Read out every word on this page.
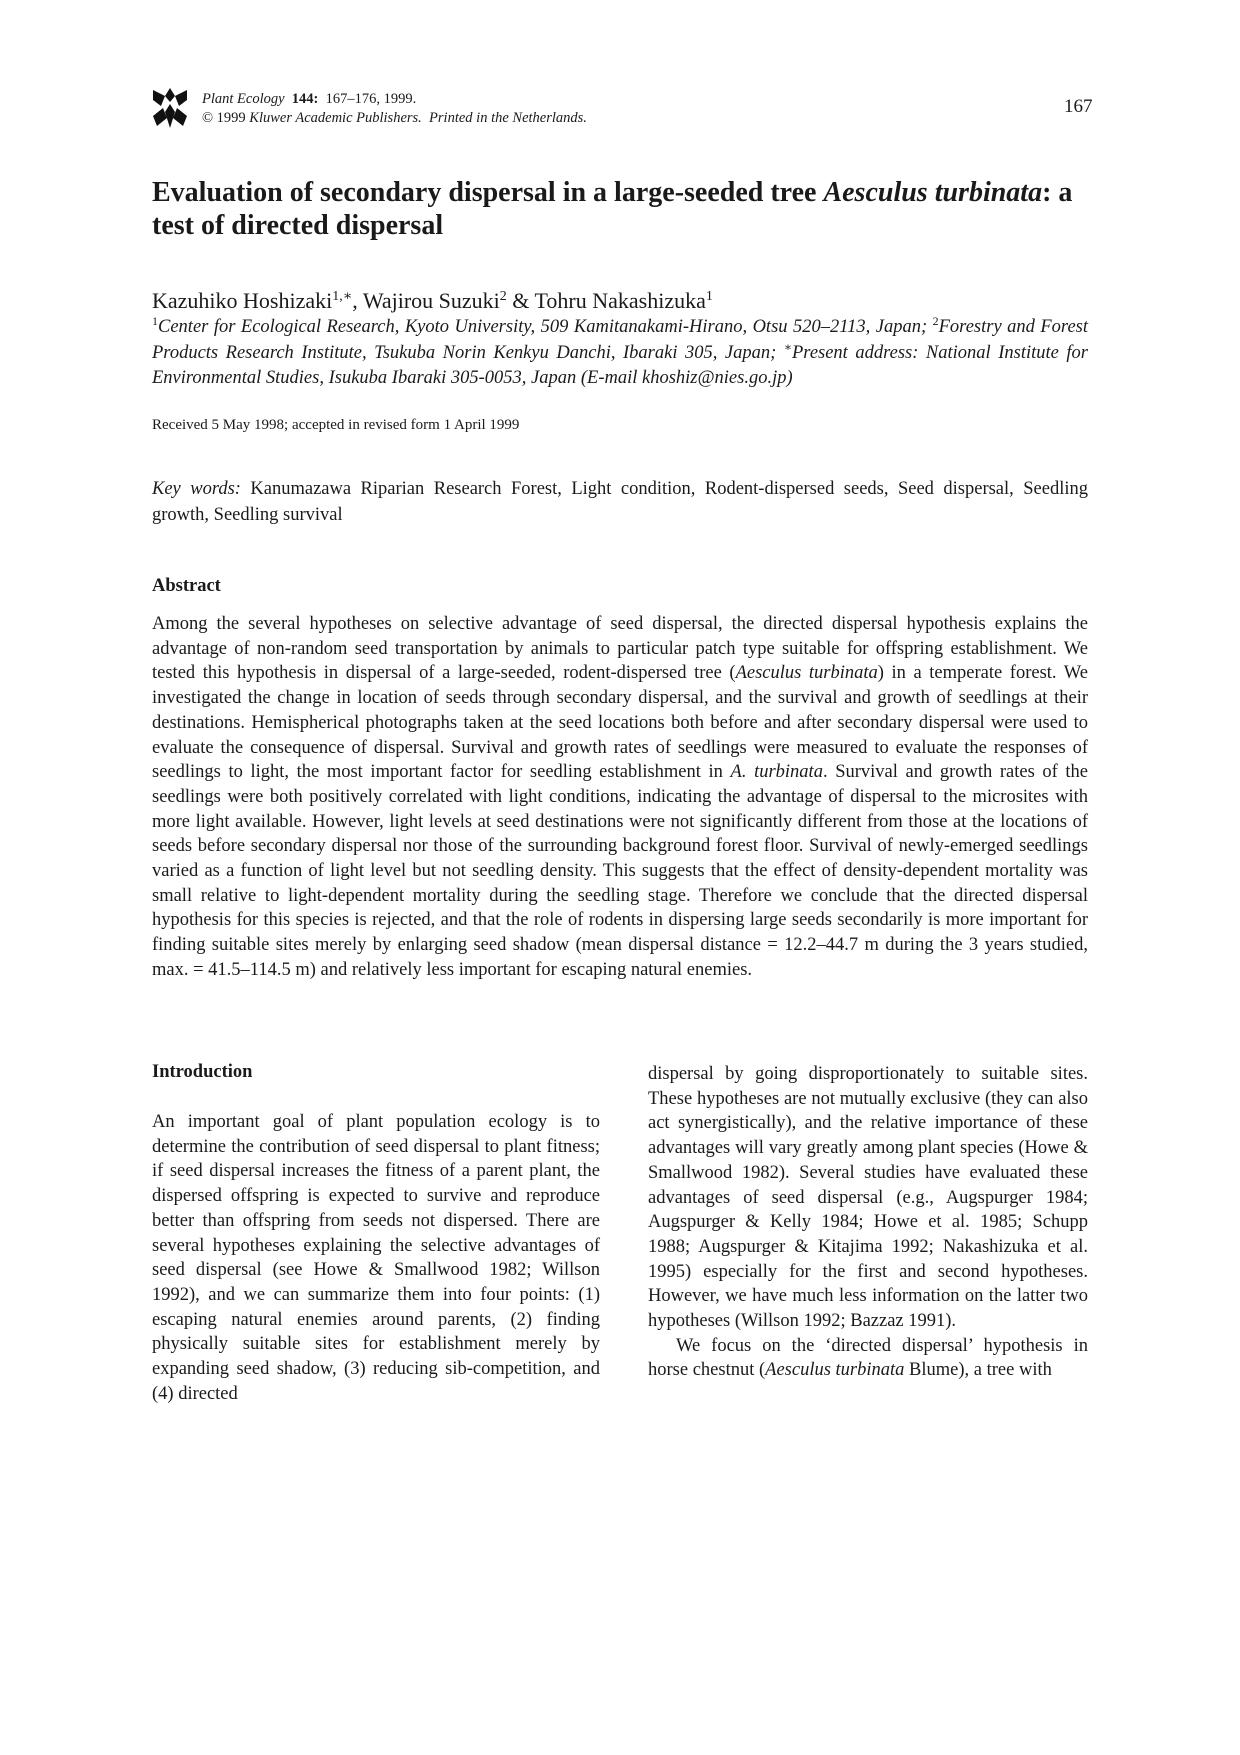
Plant Ecology 144: 167–176, 1999.
© 1999 Kluwer Academic Publishers. Printed in the Netherlands.
167
Evaluation of secondary dispersal in a large-seeded tree Aesculus turbinata: a test of directed dispersal
Kazuhiko Hoshizaki$^{1,∗}$, Wajirou Suzuki$^2$ & Tohru Nakashizuka$^1$
$^1$Center for Ecological Research, Kyoto University, 509 Kamitanakami-Hirano, Otsu 520–2113, Japan; $^2$Forestry and Forest Products Research Institute, Tsukuba Norin Kenkyu Danchi, Ibaraki 305, Japan; ∗Present address: National Institute for Environmental Studies, Isukuba Ibaraki 305-0053, Japan (E-mail khoshiz@nies.go.jp)
Received 5 May 1998; accepted in revised form 1 April 1999
Key words: Kanumazawa Riparian Research Forest, Light condition, Rodent-dispersed seeds, Seed dispersal, Seedling growth, Seedling survival
Abstract

Among the several hypotheses on selective advantage of seed dispersal, the directed dispersal hypothesis explains the advantage of non-random seed transportation by animals to particular patch type suitable for offspring establishment. We tested this hypothesis in dispersal of a large-seeded, rodent-dispersed tree (Aesculus turbinata) in a temperate forest. We investigated the change in location of seeds through secondary dispersal, and the survival and growth of seedlings at their destinations. Hemispherical photographs taken at the seed locations both before and after secondary dispersal were used to evaluate the consequence of dispersal. Survival and growth rates of seedlings were measured to evaluate the responses of seedlings to light, the most important factor for seedling establishment in A. turbinata. Survival and growth rates of the seedlings were both positively correlated with light conditions, indicating the advantage of dispersal to the microsites with more light available. However, light levels at seed destinations were not significantly different from those at the locations of seeds before secondary dispersal nor those of the surrounding background forest floor. Survival of newly-emerged seedlings varied as a function of light level but not seedling density. This suggests that the effect of density-dependent mortality was small relative to light-dependent mortality during the seedling stage. Therefore we conclude that the directed dispersal hypothesis for this species is rejected, and that the role of rodents in dispersing large seeds secondarily is more important for finding suitable sites merely by enlarging seed shadow (mean dispersal distance = 12.2–44.7 m during the 3 years studied, max. = 41.5–114.5 m) and relatively less important for escaping natural enemies.

Introduction

An important goal of plant population ecology is to determine the contribution of seed dispersal to plant fitness; if seed dispersal increases the fitness of a parent plant, the dispersed offspring is expected to survive and reproduce better than offspring from seeds not dispersed. There are several hypotheses explaining the selective advantages of seed dispersal (see Howe & Smallwood 1982; Willson 1992), and we can summarize them into four points: (1) escaping natural enemies around parents, (2) finding physically suitable sites for establishment merely by expanding seed shadow, (3) reducing sib-competition, and (4) directed

dispersal by going disproportionately to suitable sites. These hypotheses are not mutually exclusive (they can also act synergistically), and the relative importance of these advantages will vary greatly among plant species (Howe & Smallwood 1982). Several studies have evaluated these advantages of seed dispersal (e.g., Augspurger 1984; Augspurger & Kelly 1984; Howe et al. 1985; Schupp 1988; Augspurger & Kitajima 1992; Nakashizuka et al. 1995) especially for the first and second hypotheses. However, we have much less information on the latter two hypotheses (Willson 1992; Bazzaz 1991).

We focus on the ‘directed dispersal’ hypothesis in horse chestnut (Aesculus turbinata Blume), a tree with
